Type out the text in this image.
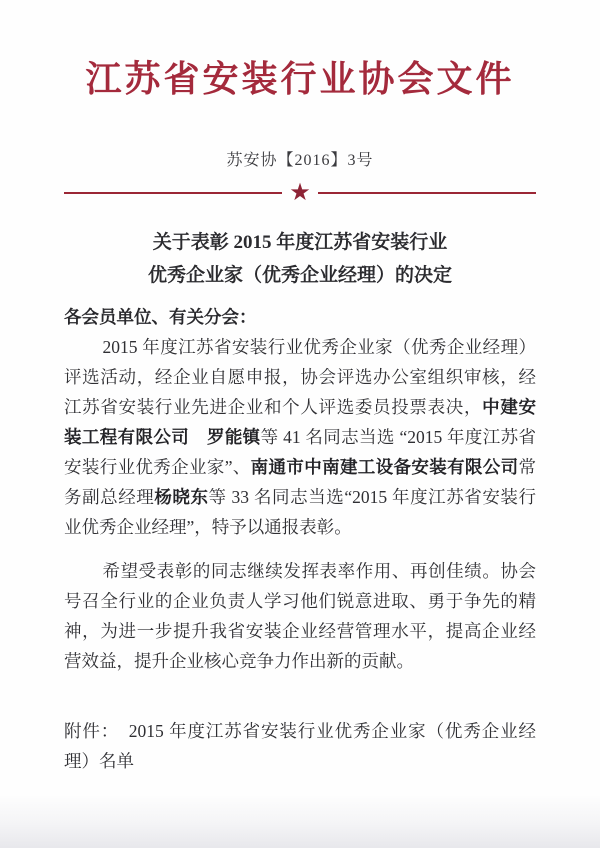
江苏省安装行业协会文件
苏安协【2016】3号
★
关于表彰 2015 年度江苏省安装行业
优秀企业家（优秀企业经理）的决定
各会员单位、有关分会：

2015 年度江苏省安装行业优秀企业家（优秀企业经理）评选活动，经企业自愿申报，协会评选办公室组织审核，经江苏省安装行业先进企业和个人评选委员投票表决，中建安装工程有限公司　罗能镇等 41 名同志当选 “2015 年度江苏省安装行业优秀企业家”、南通市中南建工设备安装有限公司常务副总经理杨晓东等 33 名同志当选“2015 年度江苏省安装行业优秀企业经理”，特予以通报表彰。

希望受表彰的同志继续发挥表率作用、再创佳绩。协会号召全行业的企业负责人学习他们锐意进取、勇于争先的精神，为进一步提升我省安装企业经营管理水平，提高企业经营效益，提升企业核心竞争力作出新的贡献。

附件：　2015 年度江苏省安装行业优秀企业家（优秀企业经理）名单
